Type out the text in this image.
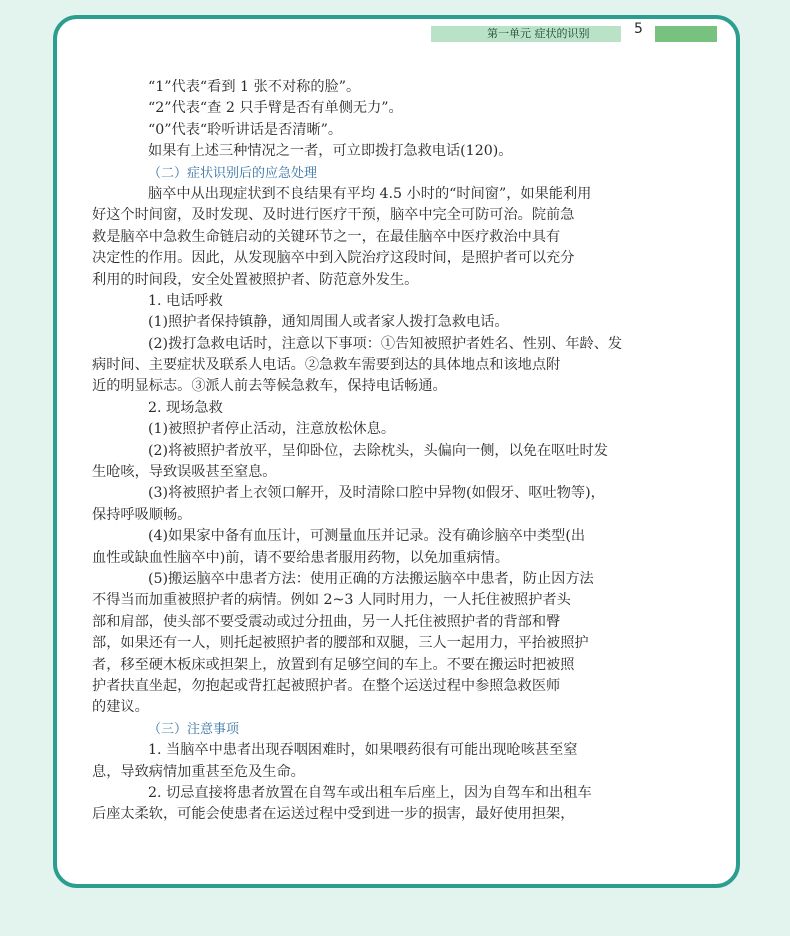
第一单元 症状的识别	5
“1”代表“看到 1 张不对称的脸”。
“2”代表“查 2 只手臂是否有单侧无力”。
“0”代表“聆听讲话是否清晰”。
如果有上述三种情况之一者，可立即拨打急救电话(120)。
（二）症状识别后的应急处理
脑卒中从出现症状到不良结果有平均 4.5 小时的“时间窗”，如果能利用
好这个时间窗，及时发现、及时进行医疗干预，脑卒中完全可防可治。院前急
救是脑卒中急救生命链启动的关键环节之一，在最佳脑卒中医疗救治中具有
决定性的作用。因此，从发现脑卒中到入院治疗这段时间，是照护者可以充分
利用的时间段，安全处置被照护者、防范意外发生。
1. 电话呼救
(1)照护者保持镇静，通知周围人或者家人拨打急救电话。
(2)拨打急救电话时，注意以下事项：①告知被照护者姓名、性别、年龄、发
病时间、主要症状及联系人电话。②急救车需要到达的具体地点和该地点附
近的明显标志。③派人前去等候急救车，保持电话畅通。
2. 现场急救
(1)被照护者停止活动，注意放松休息。
(2)将被照护者放平，呈仰卧位，去除枕头，头偏向一侧，以免在呕吐时发
生呛咳，导致误吸甚至窒息。
(3)将被照护者上衣领口解开，及时清除口腔中异物(如假牙、呕吐物等)，
保持呼吸顺畅。
(4)如果家中备有血压计，可测量血压并记录。没有确诊脑卒中类型(出
血性或缺血性脑卒中)前，请不要给患者服用药物，以免加重病情。
(5)搬运脑卒中患者方法：使用正确的方法搬运脑卒中患者，防止因方法
不得当而加重被照护者的病情。例如 2~3 人同时用力，一人托住被照护者头
部和肩部，使头部不要受震动或过分扭曲，另一人托住被照护者的背部和臀
部，如果还有一人，则托起被照护者的腰部和双腿，三人一起用力，平抬被照护
者，移至硬木板床或担架上，放置到有足够空间的车上。不要在搬运时把被照
护者扶直坐起，勿抱起或背扛起被照护者。在整个运送过程中参照急救医师
的建议。
（三）注意事项
1. 当脑卒中患者出现吞咽困难时，如果喂药很有可能出现呛咳甚至窒
息，导致病情加重甚至危及生命。
2. 切忌直接将患者放置在自驾车或出租车后座上，因为自驾车和出租车
后座太柔软，可能会使患者在运送过程中受到进一步的损害，最好使用担架，
